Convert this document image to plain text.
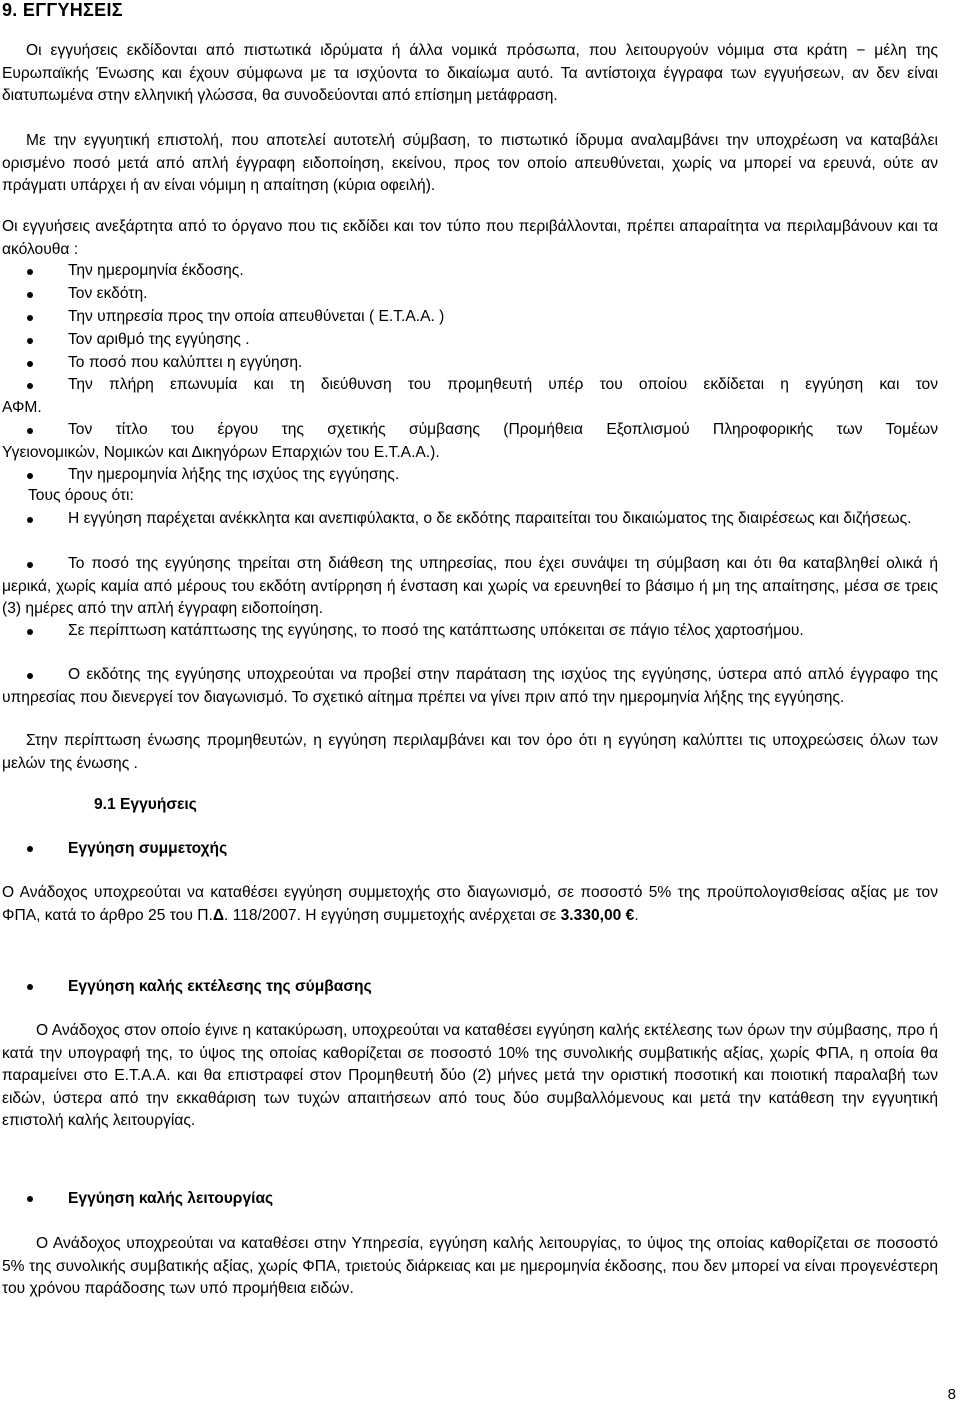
9. ΕΓΓΥΗΣΕΙΣ

Οι εγγυήσεις εκδίδονται από πιστωτικά ιδρύματα ή άλλα νομικά πρόσωπα, που λειτουργούν νόμιμα στα κράτη − μέλη της Ευρωπαϊκής Ένωσης και έχουν σύμφωνα με τα ισχύοντα το δικαίωμα αυτό. Τα αντίστοιχα έγγραφα των εγγυήσεων, αν δεν είναι διατυπωμένα στην ελληνική γλώσσα, θα συνοδεύονται από επίσημη μετάφραση.

Με την εγγυητική επιστολή, που αποτελεί αυτοτελή σύμβαση, το πιστωτικό ίδρυμα αναλαμβάνει την υποχρέωση να καταβάλει ορισμένο ποσό μετά από απλή έγγραφη ειδοποίηση, εκείνου, προς τον οποίο απευθύνεται, χωρίς να μπορεί να ερευνά, ούτε αν πράγματι υπάρχει ή αν είναι νόμιμη η απαίτηση (κύρια οφειλή).

Οι εγγυήσεις ανεξάρτητα από το όργανο που τις εκδίδει και τον τύπο που περιβάλλονται, πρέπει απαραίτητα να περιλαμβάνουν και τα ακόλουθα :

Την ημερομηνία έκδοσης.

Τον εκδότη.

Την υπηρεσία προς την οποία απευθύνεται ( Ε.Τ.Α.Α. )

Τον αριθμό της εγγύησης .

Το ποσό που καλύπτει η εγγύηση.

Την πλήρη επωνυμία και τη διεύθυνση του προμηθευτή υπέρ του οποίου εκδίδεται η εγγύηση και τον

ΑΦΜ.

Τον τίτλο του έργου της σχετικής σύμβασης (Προμήθεια Εξοπλισμού Πληροφορικής των Τομέων

Υγειονομικών, Νομικών και Δικηγόρων Επαρχιών του Ε.Τ.Α.Α.).

Την ημερομηνία λήξης της ισχύος της εγγύησης.

Τους όρους ότι:

Η εγγύηση παρέχεται ανέκκλητα και ανεπιφύλακτα, ο δε εκδότης παραιτείται του δικαιώματος της διαιρέσεως και διζήσεως.

Το ποσό της εγγύησης τηρείται στη διάθεση της υπηρεσίας, που έχει συνάψει τη σύμβαση και ότι θα καταβληθεί ολικά ή μερικά, χωρίς καμία από μέρους του εκδότη αντίρρηση ή ένσταση και χωρίς να ερευνηθεί το βάσιμο ή μη της απαίτησης, μέσα σε τρεις (3) ημέρες από την απλή έγγραφη ειδοποίηση.

Σε περίπτωση κατάπτωσης της εγγύησης, το ποσό της κατάπτωσης υπόκειται σε πάγιο τέλος χαρτοσήμου.

Ο εκδότης της εγγύησης υποχρεούται να προβεί στην παράταση της ισχύος της εγγύησης, ύστερα από απλό έγγραφο της υπηρεσίας που διενεργεί τον διαγωνισμό. Το σχετικό αίτημα πρέπει να γίνει πριν από την ημερομηνία λήξης της εγγύησης.

Στην περίπτωση ένωσης προμηθευτών, η εγγύηση περιλαμβάνει και τον όρο ότι η εγγύηση καλύπτει τις υποχρεώσεις όλων των μελών της ένωσης .

9.1 Εγγυήσεις
Εγγύηση συμμετοχής

Ο Ανάδοχος υποχρεούται να καταθέσει εγγύηση συμμετοχής στο διαγωνισμό, σε ποσοστό 5% της προϋπολογισθείσας αξίας με τον ΦΠΑ, κατά το άρθρο 25 του Π.Δ. 118/2007. Η εγγύηση συμμετοχής ανέρχεται σε 3.330,00 €.

Εγγύηση καλής εκτέλεσης της σύμβασης

Ο Ανάδοχος στον οποίο έγινε η κατακύρωση, υποχρεούται να καταθέσει εγγύηση καλής εκτέλεσης των όρων την σύμβασης, προ ή κατά την υπογραφή της, το ύψος της οποίας καθορίζεται σε ποσοστό 10% της συνολικής συμβατικής αξίας, χωρίς ΦΠΑ, η οποία θα παραμείνει στο Ε.Τ.Α.Α. και θα επιστραφεί στον Προμηθευτή δύο (2) μήνες μετά την οριστική ποσοτική και ποιοτική παραλαβή των ειδών, ύστερα από την εκκαθάριση των τυχών απαιτήσεων από τους δύο συμβαλλόμενους και μετά την κατάθεση την εγγυητική επιστολή καλής λειτουργίας.

Εγγύηση καλής λειτουργίας

Ο Ανάδοχος υποχρεούται να καταθέσει στην Υπηρεσία, εγγύηση καλής λειτουργίας, το ύψος της οποίας καθορίζεται σε ποσοστό 5% της συνολικής συμβατικής αξίας, χωρίς ΦΠΑ, τριετούς διάρκειας και με ημερομηνία έκδοσης, που δεν μπορεί να είναι προγενέστερη του χρόνου παράδοσης των υπό προμήθεια ειδών.

8
